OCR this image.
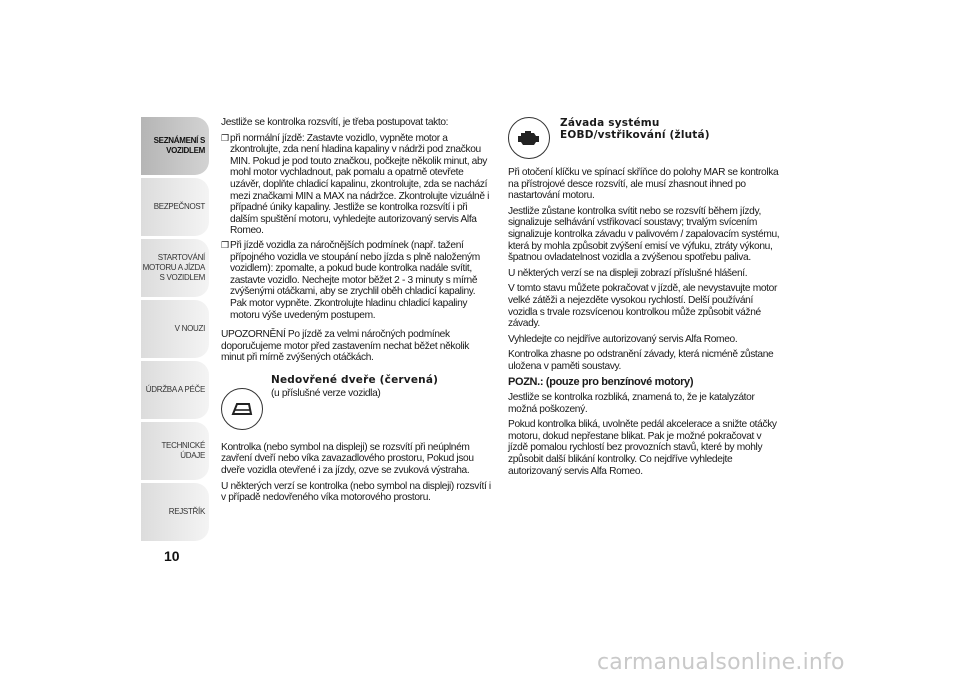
SEZNÁMENÍ S VOZIDLEM
BEZPEČNOST
STARTOVÁNÍ MOTORU A JÍZDA S VOZIDLEM
V NOUZI
ÚDRŽBA A PÉČE
TECHNICKÉ ÚDAJE
REJSTŘÍK
10

Jestliže se kontrolka rozsvítí, je třeba postupovat takto:

❒ při normální jízdě: Zastavte vozidlo, vypněte motor a zkontrolujte, zda není hladina kapaliny v nádrži pod značkou MIN. Pokud je pod touto značkou, počkejte několik minut, aby mohl motor vychladnout, pak pomalu a opatrně otevřete uzávěr, doplňte chladicí kapalinu, zkontrolujte, zda se nachází mezi značkami MIN a MAX na nádržce. Zkontrolujte vizuálně i případné úniky kapaliny. Jestliže se kontrolka rozsvítí i při dalším spuštění motoru, vyhledejte autorizovaný servis Alfa Romeo.
❒ Při jízdě vozidla za náročnějších podmínek (např. tažení přípojného vozidla ve stoupání nebo jízda s plně naloženým vozidlem): zpomalte, a pokud bude kontrolka nadále svítit, zastavte vozidlo. Nechejte motor běžet 2 - 3 minuty s mírně zvýšenými otáčkami, aby se zrychlil oběh chladicí kapaliny. Pak motor vypněte. Zkontrolujte hladinu chladicí kapaliny motoru výše uvedeným postupem.

UPOZORNĚNÍ Po jízdě za velmi náročných podmínek doporučujeme motor před zastavením nechat běžet několik minut při mírně zvýšených otáčkách.

Nedovřené dveře (červená)
(u příslušné verze vozidla)

Kontrolka (nebo symbol na displeji) se rozsvítí při neúplném zavření dveří nebo víka zavazadlového prostoru, Pokud jsou dveře vozidla otevřené i za jízdy, ozve se zvuková výstraha.

U některých verzí se kontrolka (nebo symbol na displeji) rozsvítí i v případě nedovřeného víka motorového prostoru.

Závada systému
EOBD/vstřikování (žlutá)

Při otočení klíčku ve spínací skříňce do polohy MAR se kontrolka na přístrojové desce rozsvítí, ale musí zhasnout ihned po nastartování motoru.

Jestliže zůstane kontrolka svítit nebo se rozsvítí během jízdy, signalizuje selhávání vstřikovací soustavy; trvalým svícením signalizuje kontrolka závadu v palivovém / zapalovacím systému, která by mohla způsobit zvýšení emisí ve výfuku, ztráty výkonu, špatnou ovladatelnost vozidla a zvýšenou spotřebu paliva.

U některých verzí se na displeji zobrazí příslušné hlášení.

V tomto stavu můžete pokračovat v jízdě, ale nevystavujte motor velké zátěži a nejezděte vysokou rychlostí. Delší používání vozidla s trvale rozsvícenou kontrolkou může způsobit vážné závady.

Vyhledejte co nejdříve autorizovaný servis Alfa Romeo.

Kontrolka zhasne po odstranění závady, která nicméně zůstane uložena v paměti soustavy.

POZN.: (pouze pro benzínové motory)

Jestliže se kontrolka rozbliká, znamená to, že je katalyzátor možná poškozený.

Pokud kontrolka bliká, uvolněte pedál akcelerace a snižte otáčky motoru, dokud nepřestane blikat. Pak je možné pokračovat v jízdě pomalou rychlostí bez provozních stavů, které by mohly způsobit další blikání kontrolky. Co nejdříve vyhledejte autorizovaný servis Alfa Romeo.

carmanualsonline.info
